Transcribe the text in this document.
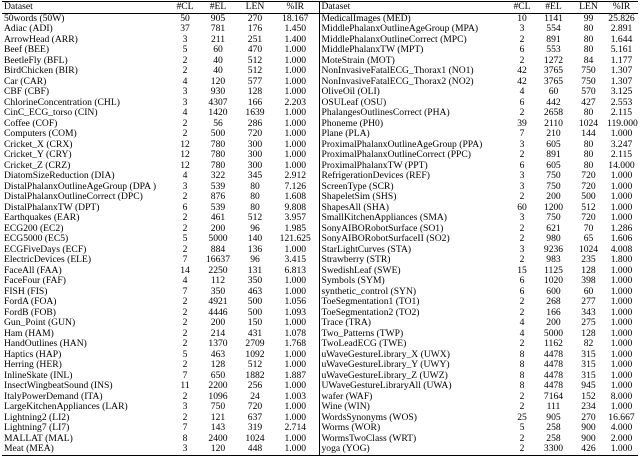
Dataset	#CL	#EL	LEN	%IR	Dataset	#CL	#EL	LEN	%IR
50words (50W)	50	905	270	18.167	MedicalImages (MED)	10	1141	99	25.826
Adiac (ADI)	37	781	176	1.450	MiddlePhalanxOutlineAgeGroup (MPA)	3	554	80	2.891
ArrowHead (ARR)	3	211	251	1.400	MiddlePhalanxOutlineCorrect (MPC)	2	891	80	1.644
Beef (BEE)	5	60	470	1.000	MiddlePhalanxTW (MPT)	6	553	80	5.161
BeetleFly (BFL)	2	40	512	1.000	MoteStrain (MOT)	2	1272	84	1.177
BirdChicken (BIR)	2	40	512	1.000	NonInvasiveFatalECG_Thorax1 (NO1)	42	3765	750	1.307
Car (CAR)	4	120	577	1.000	NonInvasiveFatalECG_Thorax2 (NO2)	42	3765	750	1.307
CBF (CBF)	3	930	128	1.000	OliveOil (OLI)	4	60	570	3.125
ChlorineConcentration (CHL)	3	4307	166	2.203	OSULeaf (OSU)	6	442	427	2.553
CinC_ECG_torso (CIN)	4	1420	1639	1.000	PhalangesOutlinesCorrect (PHA)	2	2658	80	2.115
Coffee (COF)	2	56	286	1.000	Phoneme (PH0)	39	2110	1024	119.000
Computers (COM)	2	500	720	1.000	Plane (PLA)	7	210	144	1.000
Cricket_X (CRX)	12	780	300	1.000	ProximalPhalanxOutlineAgeGroup (PPA)	3	605	80	3.247
Cricket_Y (CRY)	12	780	300	1.000	ProximalPhalanxOutlineCorrect (PPC)	2	891	80	2.115
Cricket_Z (CRZ)	12	780	300	1.000	ProximalPhalanxTW (PPT)	6	605	80	14.000
DiatomSizeReduction (DIA)	4	322	345	2.912	RefrigerationDevices (REF)	3	750	720	1.000
DistalPhalanxOutlineAgeGroup (DPA )	3	539	80	7.126	ScreenType (SCR)	3	750	720	1.000
DistalPhalanxOutlineCorrect (DPC)	2	876	80	1.608	ShapeletSim (SHS)	2	200	500	1.000
DistalPhalanxTW (DPT)	6	539	80	9.808	ShapesAll (SHA)	60	1200	512	1.000
Earthquakes (EAR)	2	461	512	3.957	SmallKitchenAppliances (SMA)	3	750	720	1.000
ECG200 (EC2)	2	200	96	1.985	SonyAIBORobotSurface (SO1)	2	621	70	1.286
ECG5000 (EC5)	5	5000	140	121.625	SonyAIBORobotSurfaceII (SO2)	2	980	65	1.606
ECGFiveDays (ECF)	2	884	136	1.000	StarLightCurves (STA)	3	9236	1024	4.008
ElectricDevices (ELE)	7	16637	96	3.415	Strawberry (STR)	2	983	235	1.800
FaceAll (FAA)	14	2250	131	6.813	SwedishLeaf (SWE)	15	1125	128	1.000
FaceFour (FAF)	4	112	350	1.000	Symbols (SYM)	6	1020	398	1.000
FISH (FIS)	7	350	463	1.000	synthetic_control (SYN)	6	600	60	1.000
FordA (FOA)	2	4921	500	1.056	ToeSegmentation1 (TO1)	2	268	277	1.000
FordB (FOB)	2	4446	500	1.093	ToeSegmentation2 (TO2)	2	166	343	1.000
Gun_Point (GUN)	2	200	150	1.000	Trace (TRA)	4	200	275	1.000
Ham (HAM)	2	214	431	1.078	Two_Patterns (TWP)	4	5000	128	1.000
HandOutlines (HAN)	2	1370	2709	1.768	TwoLeadECG (TWE)	2	1162	82	1.000
Haptics (HAP)	5	463	1092	1.000	uWaveGestureLibrary_X (UWX)	8	4478	315	1.000
Herring (HER)	2	128	512	1.000	uWaveGestureLibrary_Y (UWY)	8	4478	315	1.000
InlineSkate (INL)	7	650	1882	1.887	uWaveGestureLibrary_Z (UWZ)	8	4478	315	1.000
InsectWingbeatSound (INS)	11	2200	256	1.000	UWaveGestureLibraryAll (UWA)	8	4478	945	1.000
ItalyPowerDemand (ITA)	2	1096	24	1.003	wafer (WAF)	2	7164	152	8.000
LargeKitchenAppliances (LAR)	3	750	720	1.000	Wine (WIN)	2	111	234	1.000
Lightning2 (LI2)	2	121	637	1.000	WordsSynonyms (WOS)	25	905	270	16.667
Lightning7 (LI7)	7	143	319	2.714	Worms (WOR)	5	258	900	4.000
MALLAT (MAL)	8	2400	1024	1.000	WormsTwoClass (WRT)	2	258	900	2.000
Meat (MEA)	3	120	448	1.000	yoga (YOG)	2	3300	426	1.000
